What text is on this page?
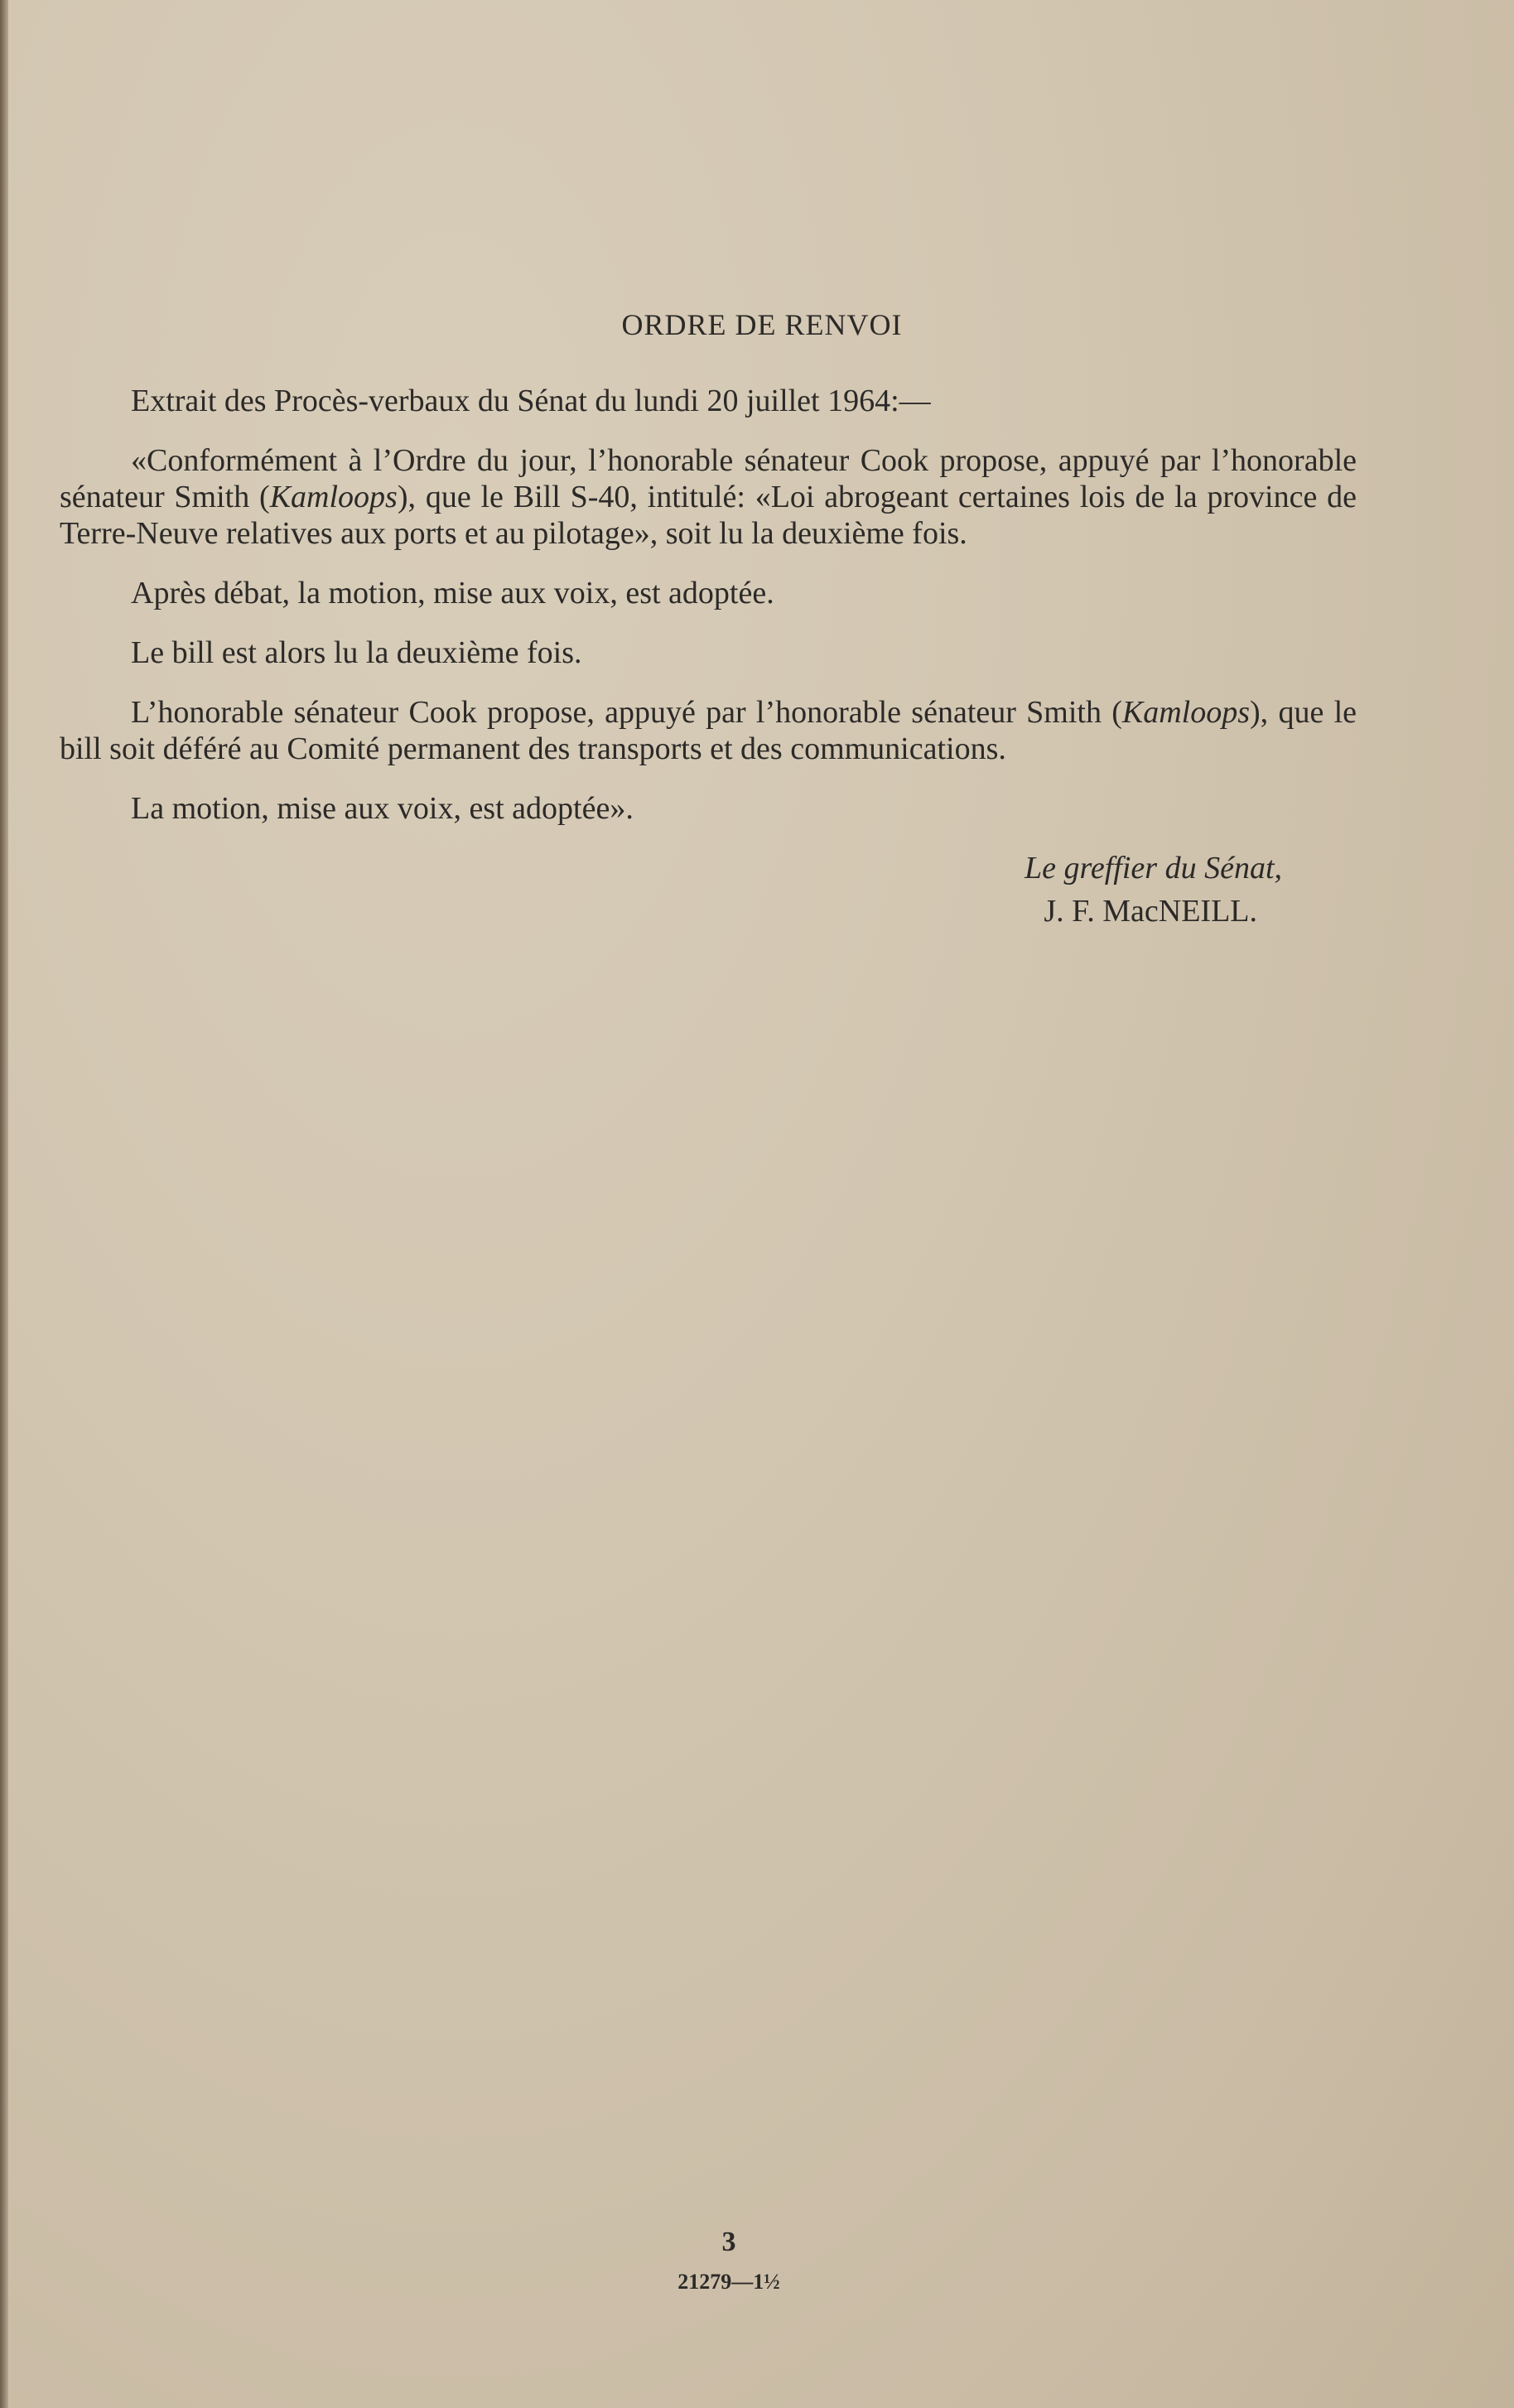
ORDRE DE RENVOI

Extrait des Procès-verbaux du Sénat du lundi 20 juillet 1964:—

«Conformément à l’Ordre du jour, l’honorable sénateur Cook propose, appuyé par l’honorable sénateur Smith (Kamloops), que le Bill S-40, intitulé: «Loi abrogeant certaines lois de la province de Terre-Neuve relatives aux ports et au pilotage», soit lu la deuxième fois.

Après débat, la motion, mise aux voix, est adoptée.

Le bill est alors lu la deuxième fois.

L’honorable sénateur Cook propose, appuyé par l’honorable sénateur Smith (Kamloops), que le bill soit déféré au Comité permanent des transports et des communications.

La motion, mise aux voix, est adoptée».

Le greffier du Sénat,
J. F. MacNEILL.
3
21279—1½
